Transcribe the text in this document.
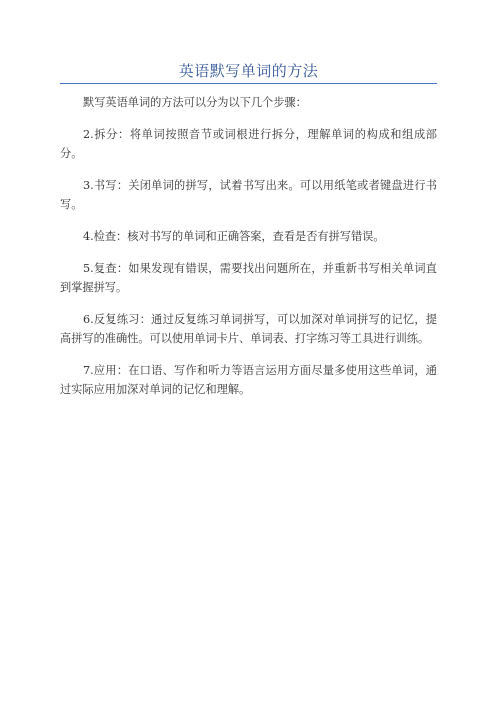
英语默写单词的方法

默写英语单词的方法可以分为以下几个步骤：

2.拆分：将单词按照音节或词根进行拆分，理解单词的构成和组成部分。

3.书写：关闭单词的拼写，试着书写出来。可以用纸笔或者键盘进行书写。

4.检查：核对书写的单词和正确答案，查看是否有拼写错误。

5.复查：如果发现有错误，需要找出问题所在，并重新书写相关单词直到掌握拼写。

6.反复练习：通过反复练习单词拼写，可以加深对单词拼写的记忆，提高拼写的准确性。可以使用单词卡片、单词表、打字练习等工具进行训练。

7.应用：在口语、写作和听力等语言运用方面尽量多使用这些单词，通过实际应用加深对单词的记忆和理解。
